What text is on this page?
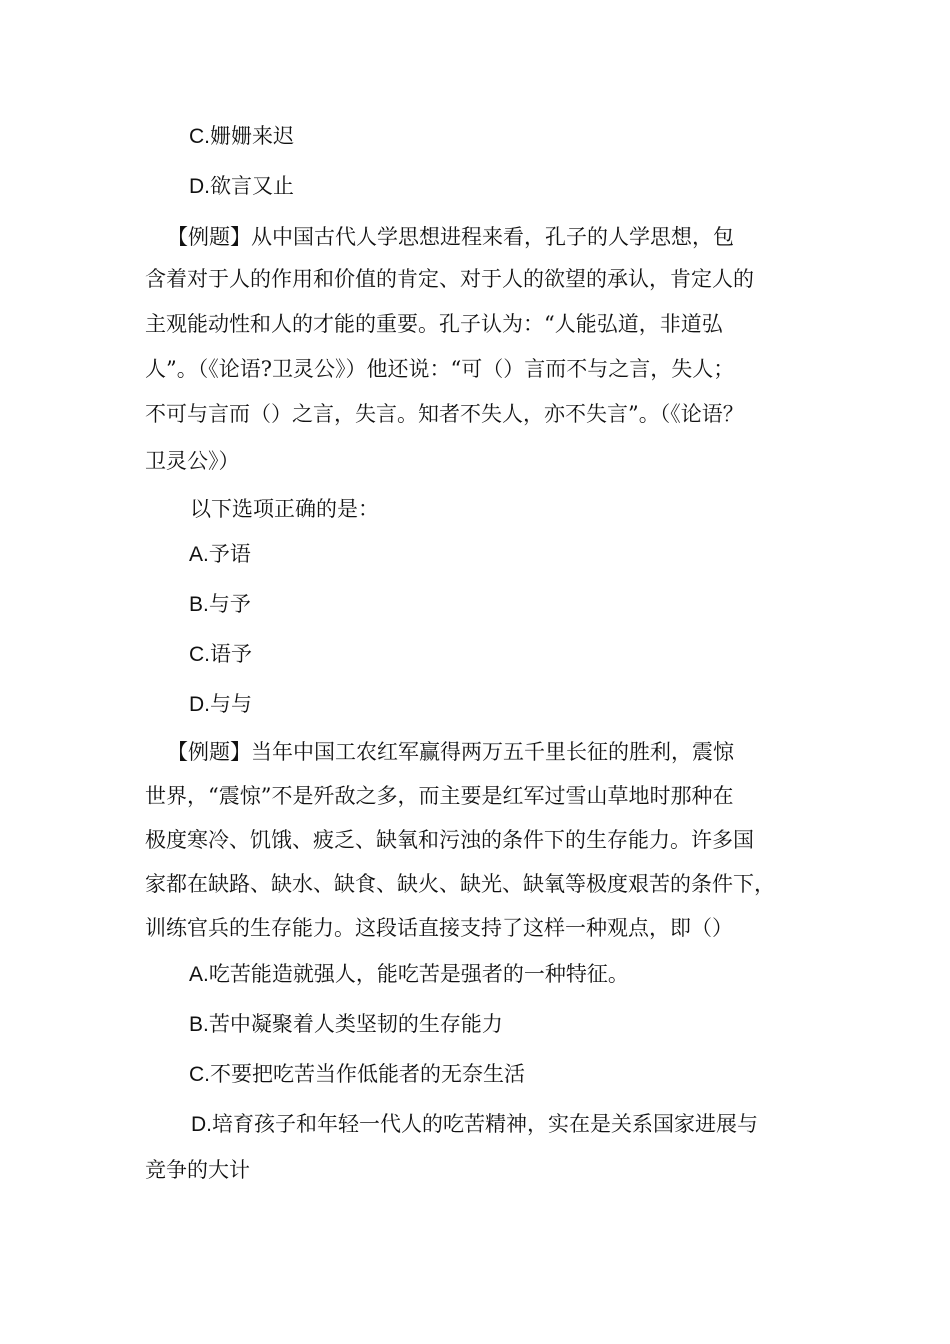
C.姗姗来迟
D.欲言又止
【例题】从中国古代人学思想进程来看，孔子的人学思想，包
含着对于人的作用和价值的肯定、对于人的欲望的承认，肯定人的
主观能动性和人的才能的重要。孔子认为：“人能弘道，非道弘
人”。（《论语?卫灵公》）他还说：“可（）言而不与之言，失人；
不可与言而（）之言，失言。知者不失人，亦不失言”。（《论语？
卫灵公》）
以下选项正确的是：
A.予语
B.与予
C.语予
D.与与
【例题】当年中国工农红军赢得两万五千里长征的胜利，震惊
世界，“震惊”不是歼敌之多，而主要是红军过雪山草地时那种在
极度寒冷、饥饿、疲乏、缺氧和污浊的条件下的生存能力。许多国
家都在缺路、缺水、缺食、缺火、缺光、缺氧等极度艰苦的条件下，
训练官兵的生存能力。这段话直接支持了这样一种观点，即（）
A.吃苦能造就强人，能吃苦是强者的一种特征。
B.苦中凝聚着人类坚韧的生存能力
C.不要把吃苦当作低能者的无奈生活
D.培育孩子和年轻一代人的吃苦精神，实在是关系国家进展与
竞争的大计
